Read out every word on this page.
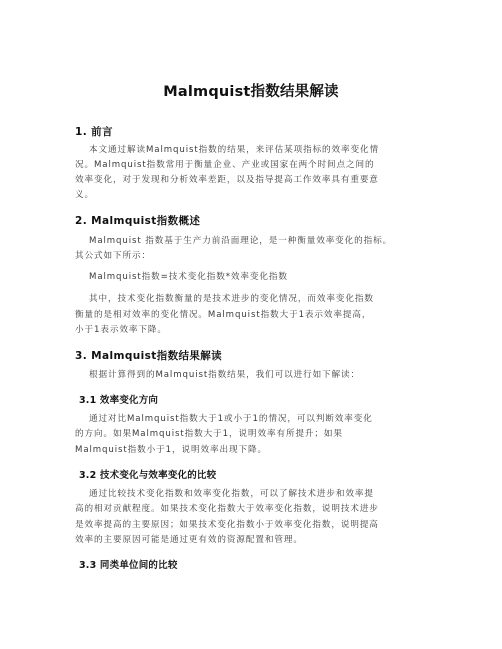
Malmquist指数结果解读
1. 前言

本文通过解读Malmquist指数的结果，来评估某项指标的效率变化情

况。Malmquist指数常用于衡量企业、产业或国家在两个时间点之间的

效率变化，对于发现和分析效率差距，以及指导提高工作效率具有重要意

义。

2. Malmquist指数概述

Malmquist 指数基于生产力前沿面理论，是一种衡量效率变化的指标。

其公式如下所示：

Malmquist指数=技术变化指数*效率变化指数

其中，技术变化指数衡量的是技术进步的变化情况，而效率变化指数

衡量的是相对效率的变化情况。Malmquist指数大于1表示效率提高，

小于1表示效率下降。

3. Malmquist指数结果解读

根据计算得到的Malmquist指数结果，我们可以进行如下解读：

3.1 效率变化方向

通过对比Malmquist指数大于1或小于1的情况，可以判断效率变化

的方向。如果Malmquist指数大于1，说明效率有所提升；如果

Malmquist指数小于1，说明效率出现下降。

3.2 技术变化与效率变化的比较

通过比较技术变化指数和效率变化指数，可以了解技术进步和效率提

高的相对贡献程度。如果技术变化指数大于效率变化指数，说明技术进步

是效率提高的主要原因；如果技术变化指数小于效率变化指数，说明提高

效率的主要原因可能是通过更有效的资源配置和管理。

3.3 同类单位间的比较
